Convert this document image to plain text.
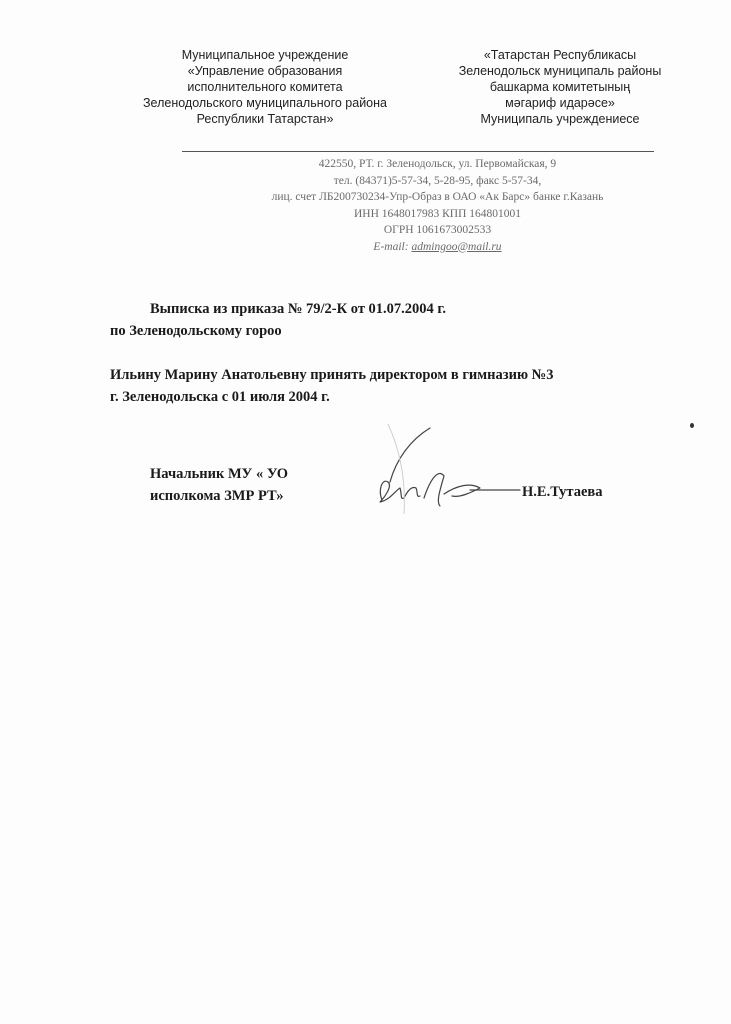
Муниципальное учреждение
«Управление образования
исполнительного комитета
Зеленодольского муниципального района
Республики Татарстан»
«Татарстан Республикасы
Зеленодольск муниципаль районы
башкарма комитетының
мәгариф идарәсе»
Муниципаль учреждениесе
422550, РТ. г. Зеленодольск, ул. Первомайская, 9
тел. (84371)5-57-34, 5-28-95, факс 5-57-34,
лиц. счет ЛБ200730234-Упр-Образ в ОАО «Ак Барс» банке г.Казань
ИНН 1648017983 КПП 164801001
ОГРН 1061673002533
E-mail: admingoo@mail.ru
Выписка из приказа № 79/2-К от 01.07.2004 г.
по Зеленодольскому гороо
Ильину Марину Анатольевну принять директором в гимназию №3
г. Зеленодольска с 01 июля 2004 г.
Начальник МУ « УО
исполкома ЗМР РТ»	Н.Е.Тутаева
